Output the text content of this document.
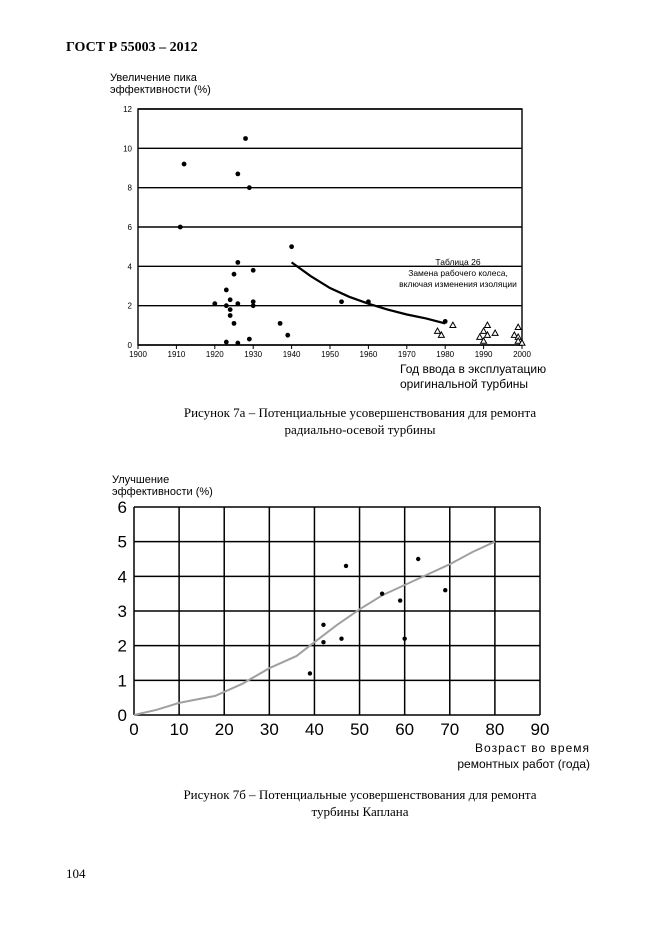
ГОСТ Р 55003 – 2012
Увеличение пика
эффективности (%)
0
2
4
6
8
10
12
1900	1910	1920	1930	1940	1950	1960	1970	1980	1990	2000
Таблица 26
Замена рабочего колеса,
включая изменения изоляции
Год ввода в эксплуатацию
оригинальной турбины
Рисунок 7а – Потенциальные усовершенствования для ремонта
радиально-осевой турбины
Улучшение
эффективности (%)
Возраст во время
ремонтных работ (года)
Рисунок 7б – Потенциальные усовершенствования для ремонта
турбины Каплана
104
0
1
2
3
4
5
6
0 10 20 30 40 50 60 70 80 90
